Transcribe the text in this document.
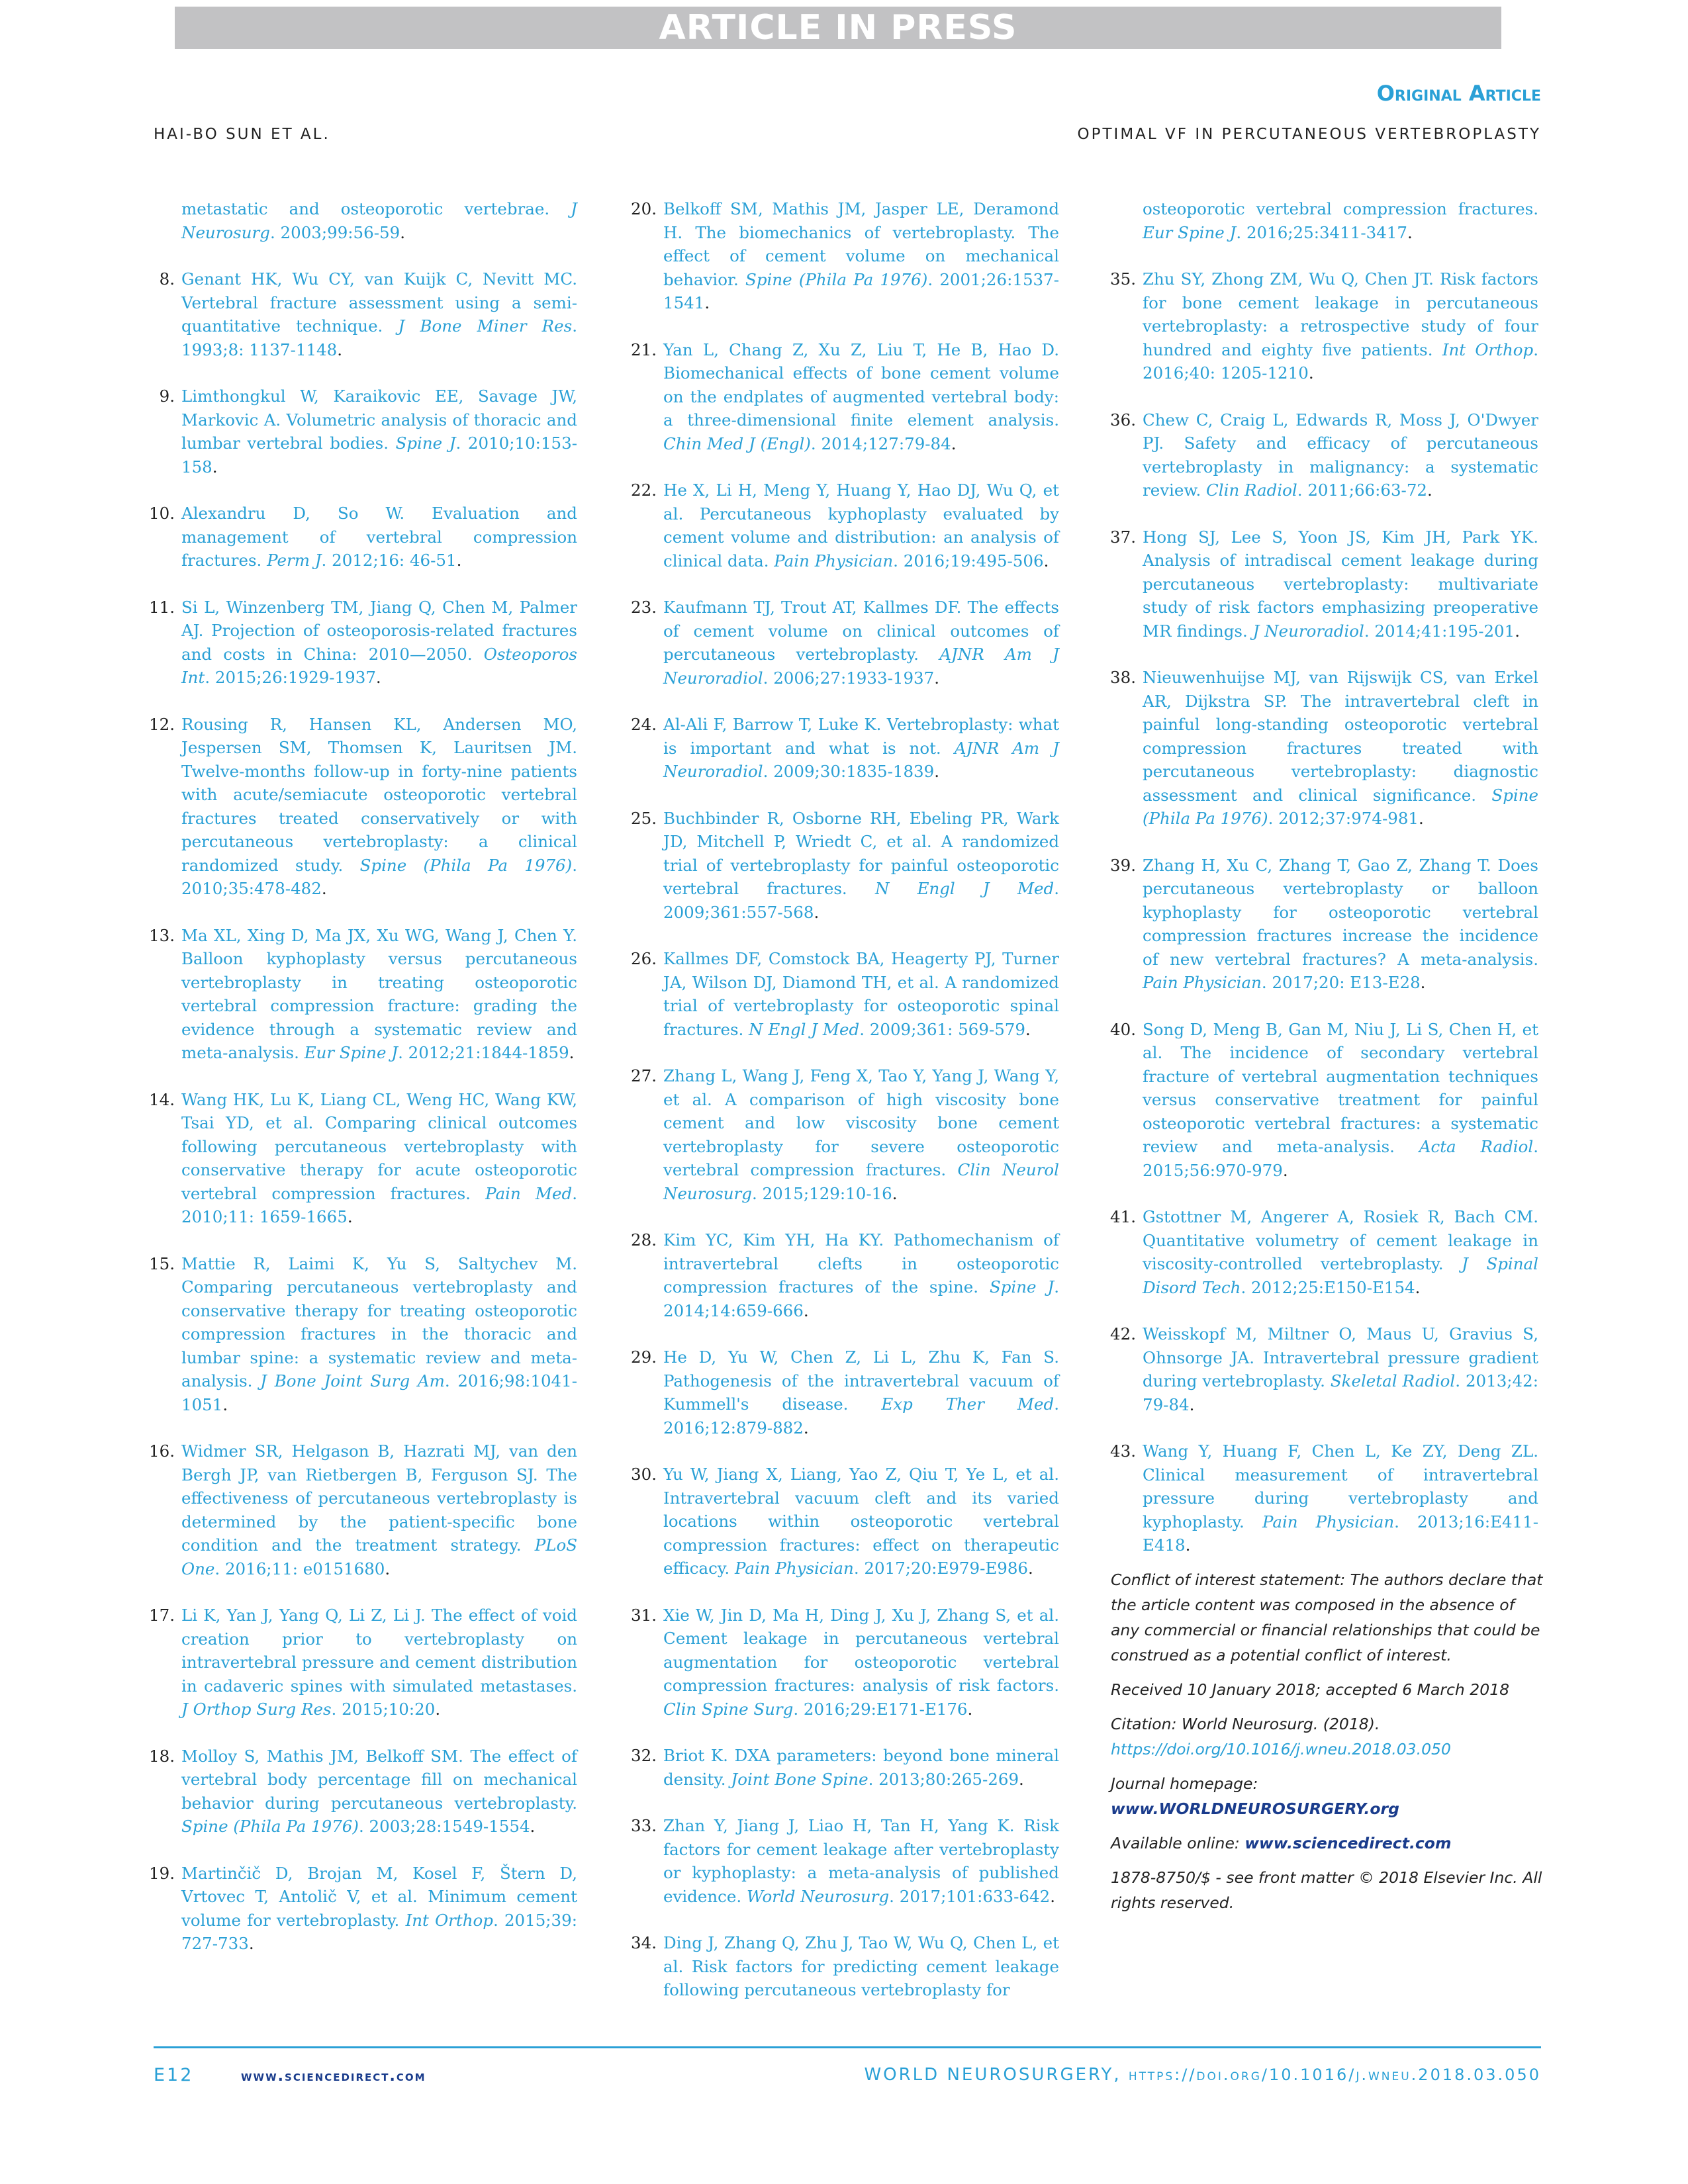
ARTICLE IN PRESS
Original Article
HAI-BO SUN ET AL.	OPTIMAL VF IN PERCUTANEOUS VERTEBROPLASTY
metastatic and osteoporotic vertebrae. J Neurosurg. 2003;99:56-59.
8. Genant HK, Wu CY, van Kuijk C, Nevitt MC. Vertebral fracture assessment using a semi-quantitative technique. J Bone Miner Res. 1993;8: 1137-1148.
9. Limthongkul W, Karaikovic EE, Savage JW, Markovic A. Volumetric analysis of thoracic and lumbar vertebral bodies. Spine J. 2010;10:153-158.
10. Alexandru D, So W. Evaluation and management of vertebral compression fractures. Perm J. 2012;16: 46-51.
11. Si L, Winzenberg TM, Jiang Q, Chen M, Palmer AJ. Projection of osteoporosis-related fractures and costs in China: 2010—2050. Osteoporos Int. 2015;26:1929-1937.
12. Rousing R, Hansen KL, Andersen MO, Jespersen SM, Thomsen K, Lauritsen JM. Twelve-months follow-up in forty-nine patients with acute/semiacute osteoporotic vertebral fractures treated conservatively or with percutaneous vertebroplasty: a clinical randomized study. Spine (Phila Pa 1976). 2010;35:478-482.
13. Ma XL, Xing D, Ma JX, Xu WG, Wang J, Chen Y. Balloon kyphoplasty versus percutaneous vertebroplasty in treating osteoporotic vertebral compression fracture: grading the evidence through a systematic review and meta-analysis. Eur Spine J. 2012;21:1844-1859.
14. Wang HK, Lu K, Liang CL, Weng HC, Wang KW, Tsai YD, et al. Comparing clinical outcomes following percutaneous vertebroplasty with conservative therapy for acute osteoporotic vertebral compression fractures. Pain Med. 2010;11: 1659-1665.
15. Mattie R, Laimi K, Yu S, Saltychev M. Comparing percutaneous vertebroplasty and conservative therapy for treating osteoporotic compression fractures in the thoracic and lumbar spine: a systematic review and meta-analysis. J Bone Joint Surg Am. 2016;98:1041-1051.
16. Widmer SR, Helgason B, Hazrati MJ, van den Bergh JP, van Rietbergen B, Ferguson SJ. The effectiveness of percutaneous vertebroplasty is determined by the patient-specific bone condition and the treatment strategy. PLoS One. 2016;11: e0151680.
17. Li K, Yan J, Yang Q, Li Z, Li J. The effect of void creation prior to vertebroplasty on intravertebral pressure and cement distribution in cadaveric spines with simulated metastases. J Orthop Surg Res. 2015;10:20.
18. Molloy S, Mathis JM, Belkoff SM. The effect of vertebral body percentage fill on mechanical behavior during percutaneous vertebroplasty. Spine (Phila Pa 1976). 2003;28:1549-1554.
19. Martinčič D, Brojan M, Kosel F, Štern D, Vrtovec T, Antolič V, et al. Minimum cement volume for vertebroplasty. Int Orthop. 2015;39: 727-733.
20. Belkoff SM, Mathis JM, Jasper LE, Deramond H. The biomechanics of vertebroplasty. The effect of cement volume on mechanical behavior. Spine (Phila Pa 1976). 2001;26:1537-1541.
21. Yan L, Chang Z, Xu Z, Liu T, He B, Hao D. Biomechanical effects of bone cement volume on the endplates of augmented vertebral body: a three-dimensional finite element analysis. Chin Med J (Engl). 2014;127:79-84.
22. He X, Li H, Meng Y, Huang Y, Hao DJ, Wu Q, et al. Percutaneous kyphoplasty evaluated by cement volume and distribution: an analysis of clinical data. Pain Physician. 2016;19:495-506.
23. Kaufmann TJ, Trout AT, Kallmes DF. The effects of cement volume on clinical outcomes of percutaneous vertebroplasty. AJNR Am J Neuroradiol. 2006;27:1933-1937.
24. Al-Ali F, Barrow T, Luke K. Vertebroplasty: what is important and what is not. AJNR Am J Neuroradiol. 2009;30:1835-1839.
25. Buchbinder R, Osborne RH, Ebeling PR, Wark JD, Mitchell P, Wriedt C, et al. A randomized trial of vertebroplasty for painful osteoporotic vertebral fractures. N Engl J Med. 2009;361:557-568.
26. Kallmes DF, Comstock BA, Heagerty PJ, Turner JA, Wilson DJ, Diamond TH, et al. A randomized trial of vertebroplasty for osteoporotic spinal fractures. N Engl J Med. 2009;361: 569-579.
27. Zhang L, Wang J, Feng X, Tao Y, Yang J, Wang Y, et al. A comparison of high viscosity bone cement and low viscosity bone cement vertebroplasty for severe osteoporotic vertebral compression fractures. Clin Neurol Neurosurg. 2015;129:10-16.
28. Kim YC, Kim YH, Ha KY. Pathomechanism of intravertebral clefts in osteoporotic compression fractures of the spine. Spine J. 2014;14:659-666.
29. He D, Yu W, Chen Z, Li L, Zhu K, Fan S. Pathogenesis of the intravertebral vacuum of Kummell's disease. Exp Ther Med. 2016;12:879-882.
30. Yu W, Jiang X, Liang, Yao Z, Qiu T, Ye L, et al. Intravertebral vacuum cleft and its varied locations within osteoporotic vertebral compression fractures: effect on therapeutic efficacy. Pain Physician. 2017;20:E979-E986.
31. Xie W, Jin D, Ma H, Ding J, Xu J, Zhang S, et al. Cement leakage in percutaneous vertebral augmentation for osteoporotic vertebral compression fractures: analysis of risk factors. Clin Spine Surg. 2016;29:E171-E176.
32. Briot K. DXA parameters: beyond bone mineral density. Joint Bone Spine. 2013;80:265-269.
33. Zhan Y, Jiang J, Liao H, Tan H, Yang K. Risk factors for cement leakage after vertebroplasty or kyphoplasty: a meta-analysis of published evidence. World Neurosurg. 2017;101:633-642.
34. Ding J, Zhang Q, Zhu J, Tao W, Wu Q, Chen L, et al. Risk factors for predicting cement leakage following percutaneous vertebroplasty for
osteoporotic vertebral compression fractures. Eur Spine J. 2016;25:3411-3417.
35. Zhu SY, Zhong ZM, Wu Q, Chen JT. Risk factors for bone cement leakage in percutaneous vertebroplasty: a retrospective study of four hundred and eighty five patients. Int Orthop. 2016;40: 1205-1210.
36. Chew C, Craig L, Edwards R, Moss J, O'Dwyer PJ. Safety and efficacy of percutaneous vertebroplasty in malignancy: a systematic review. Clin Radiol. 2011;66:63-72.
37. Hong SJ, Lee S, Yoon JS, Kim JH, Park YK. Analysis of intradiscal cement leakage during percutaneous vertebroplasty: multivariate study of risk factors emphasizing preoperative MR findings. J Neuroradiol. 2014;41:195-201.
38. Nieuwenhuijse MJ, van Rijswijk CS, van Erkel AR, Dijkstra SP. The intravertebral cleft in painful long-standing osteoporotic vertebral compression fractures treated with percutaneous vertebroplasty: diagnostic assessment and clinical significance. Spine (Phila Pa 1976). 2012;37:974-981.
39. Zhang H, Xu C, Zhang T, Gao Z, Zhang T. Does percutaneous vertebroplasty or balloon kyphoplasty for osteoporotic vertebral compression fractures increase the incidence of new vertebral fractures? A meta-analysis. Pain Physician. 2017;20: E13-E28.
40. Song D, Meng B, Gan M, Niu J, Li S, Chen H, et al. The incidence of secondary vertebral fracture of vertebral augmentation techniques versus conservative treatment for painful osteoporotic vertebral fractures: a systematic review and meta-analysis. Acta Radiol. 2015;56:970-979.
41. Gstottner M, Angerer A, Rosiek R, Bach CM. Quantitative volumetry of cement leakage in viscosity-controlled vertebroplasty. J Spinal Disord Tech. 2012;25:E150-E154.
42. Weisskopf M, Miltner O, Maus U, Gravius S, Ohnsorge JA. Intravertebral pressure gradient during vertebroplasty. Skeletal Radiol. 2013;42: 79-84.
43. Wang Y, Huang F, Chen L, Ke ZY, Deng ZL. Clinical measurement of intravertebral pressure during vertebroplasty and kyphoplasty. Pain Physician. 2013;16:E411-E418.

Conflict of interest statement: The authors declare that the article content was composed in the absence of any commercial or financial relationships that could be construed as a potential conflict of interest.

Received 10 January 2018; accepted 6 March 2018

Citation: World Neurosurg. (2018).
https://doi.org/10.1016/j.wneu.2018.03.050

Journal homepage: www.WORLDNEUROSURGERY.org

Available online: www.sciencedirect.com

1878-8750/$ - see front matter © 2018 Elsevier Inc. All rights reserved.

E12	www.sciencedirect.com	WORLD NEUROSURGERY, https://doi.org/10.1016/j.wneu.2018.03.050
